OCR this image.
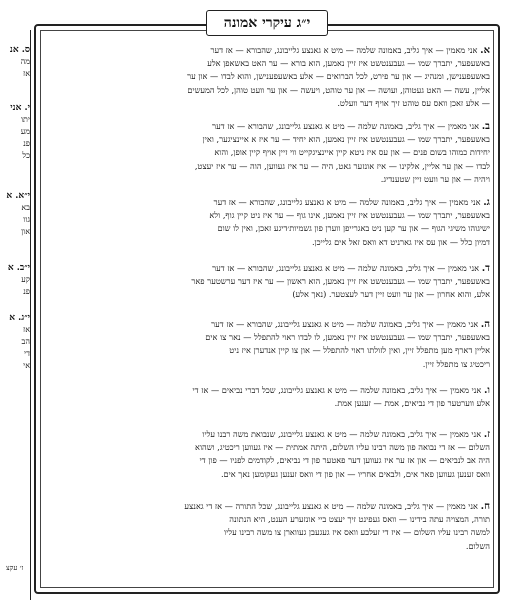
ס. אנ
מה
אז
י. אני
יתו
מע
פנ
כל
י״א. א
בא
גוו
און
י״ב. א
קע
פנ
י״ג. א
אז
הב
די
אי
ז׳ עקצ
י״ג עיקרי אמונה
א. אני מאמין — איך גליב, באמונה שלמה — מיט א גאנצע גלייבונג, שהבורא — אז דער
באשעפער, יתברך שמו — געבענטשט איז זיין נאמען, הוא בורא — ער האט באשאפן אלע
באשעפענישן, ומנהיג — און ער פירט, לכל הברואים — אלע באשעפענישן, והוא לבדו — און ער
אליין, עשה — האט געטוהן, ועושה — און ער טוהט, ויעשה — און ער וועט טוהן, לכל המעשים
— אלע זאכן וואס עס טוהט זיך אויף דער וועלט.
ב. אני מאמין — איך גליב, באמונה שלמה — מיט א גאנצע גלייבונג, שהבורא — אז דער
באשעפער, יתברך שמו — געבענטשט איז זיין נאמען, הוא יחיד — ער איז א איינציגער, ואין
יחידות כמוהו בשום פנים — און עס איז ניטא קיין איינציגקייט ווי זיין אויף קיין אופן, והוא
לבדו — און ער אליין, אלקינו — איז אונזער גאט, היה — ער איז געווען, הוה — ער איז יעצט,
ויהיה — און ער וועט זיין שטענדיג.
ג. אני מאמין — איך גליב, באמונה שלמה — מיט א גאנצע גלייבונג, שהבורא — אז דער
באשעפער, יתברך שמו — געבענטשט איז זיין נאמען, אינו גוף — ער איז ניט קיין גוף, ולא
ישיגוהו משיגי הגוף — און ער קען ניט באגרייפן ווערן פון גשמיות׳דיגע זאכן, ואין לו שום
דמיון כלל — און עס איז גארניט דא וואס זאל אים גלייכן.
ד. אני מאמין — איך גליב, באמונה שלמה — מיט א גאנצע גלייבונג, שהבורא — אז דער
באשעפער, יתברך שמו — געבענטשט איז זיין נאמען, הוא ראשון — ער איז דער ערשטער פאר
אלע, והוא אחרון — און ער וועט זיין דער לעצטער. (נאך אלע)
ה. אני מאמין — איך גליב, באמונה שלמה — מיט א גאנצע גלייבונג, שהבורא — אז דער
באשעפער, יתברך שמו — געבענטשט איז זיין נאמען, לו לבדו ראוי להתפלל — נאר צו אים
אליין דארף מען מתפלל זיין, ואין לזולתו ראוי להתפלל — און צו קיין אנדערן איז ניט
ריכטיג צו מתפלל זיין.
ו. אני מאמין — איך גליב, באמונה שלמה — מיט א גאנצע גלייבונג, שכל דברי נביאים — אז די
אלע ווערטער פון די נביאים, אמת — זענען אמת.
ז. אני מאמין — איך גליב, באמונה שלמה — מיט א גאנצע גלייבונג, שנבואת משה רבנו עליו
השלום — אז די נבואה פון משה רבינו עליו השלום, היתה אמתית — איז געווען ריכטיג, ושהוא
היה אב לנביאים — און אז ער איז געווען דער פאטער פון די נביאים, לקודמים לפניו — פון די
וואס זענען געווען פאר אים, ולבאים אחריו — און פון די וואס זענען געקומען נאך אים.
ח. אני מאמין — איך גליב, באמונה שלמה — מיט א גאנצע גלייבונג, שכל התורה — אז די גאנצע
תורה, המצויה עתה בידינו — וואס געפינט זיך יעצט ביי אונזערע הענט, היא הנתונה
למשה רבינו עליו השלום — איז די זעלבע וואס איז געגעבן געווארן צו משה רבינו עליו
השלום.
